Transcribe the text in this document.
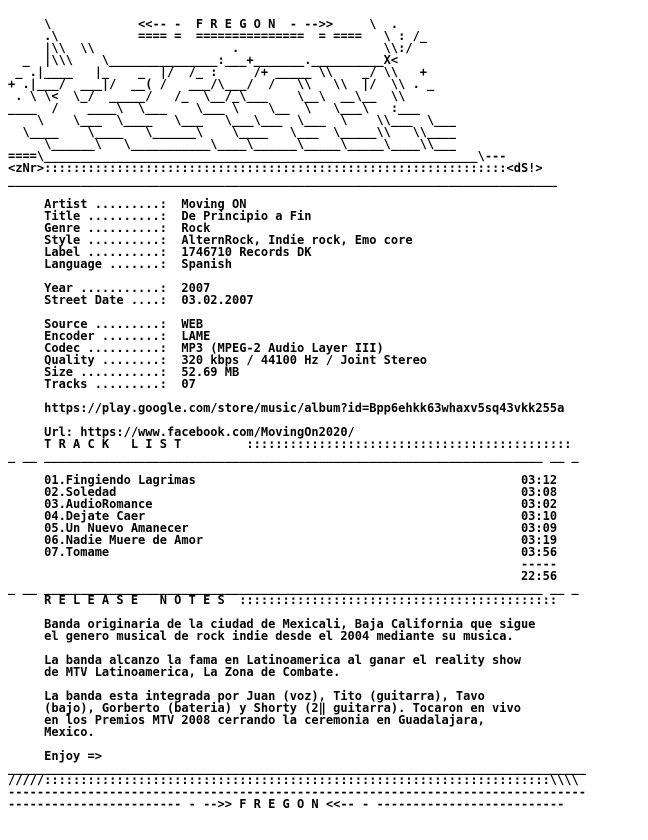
\            <<-- -  F R E G O N  - -->>     \  .
.\           ==== =  ===============  = ====   \ : /_
|\\  \\                   .                    \\:/
_  |\\\    \_______________:___+_______.__________X<
_ .|____   |_    _  |/  /_ :     /+ _____ \\    _/ \\   +
+ .|___/  ___|/  __( /   ___/\___/  /   \\   \\  |/  \\ . _
. \ \<  \_/  _____/   /_  \__/_\___    \__\  __\__  \\
____  /    ____\  \___    \___ \    \__  \   \___\   :___
\    \___  \____   \___   \___\___  \___  \    \\___  \___
\____    \____   \______\    \____   \___  \_____\\   \\____
\______\   \___________\____\______\_____\_____\____\\___
====\____________________________________________________________\---
<zNr>::::::::::::::::::::::::::::::::::::::::::::::::::::::::::::::::<dS!>
____________________________________________________________________________
Artist .........:  Moving ON
Title ..........:  De Principio a Fin
Genre ..........:  Rock
Style ..........:  AlternRock, Indie rock, Emo core
Label ..........:  1746710 Records DK
Language .......:  Spanish
Year ...........:  2007
Street Date ....:  03.02.2007
Source .........:  WEB
Encoder ........:  LAME
Codec ..........:  MP3 (MPEG-2 Audio Layer III)
Quality ........:  320 kbps / 44100 Hz / Joint Stereo
Size ...........:  52.69 MB
Tracks .........:  07
https://play.google.com/store/music/album?id=Bpp6ehkk63whaxv5sq43vkk255a
Url: https://www.facebook.com/MovingOn2020/
T R A C K   L I S T         :::::::::::::::::::::::::::::::::::::::::::::
_ __ _____________________________________________________________________ __ _
01.Fingiendo Lagrimas                                             03:12
02.Soledad                                                        03:08
03.AudioRomance                                                   03:02
04.Dejate Caer                                                    03:10
05.Un Nuevo Amanecer                                              03:09
06.Nadie Muere de Amor                                            03:19
07.Tomame                                                         03:56
-----
22:56
_ __ _____________________________________________________________________ __ _
R E L E A S E   N O T E S  ::::::::::::::::::::::::::::::::::::::::::::
Banda originaria de la ciudad de Mexicali, Baja California que sigue
el genero musical de rock indie desde el 2004 mediante su musica.
La banda alcanzo la fama en Latinoamerica al ganar el reality show
de MTV Latinoamerica, La Zona de Combate.
La banda esta integrada por Juan (voz), Tito (guitarra), Tavo
(bajo), Gorberto (bateria) y Shorty (2‖ guitarra). Tocaron en vivo
en los Premios MTV 2008 cerrando la ceremonia en Guadalajara,
Mexico.
Enjoy =>
________________________________________________________________________________
/////::::::::::::::::::::::::::::::::::::::::::::::::::::::::::::::::::::::\\\\
--------------------------------------------------------------------------------
------------------------ - -->> F R E G O N <<-- - --------------------------
